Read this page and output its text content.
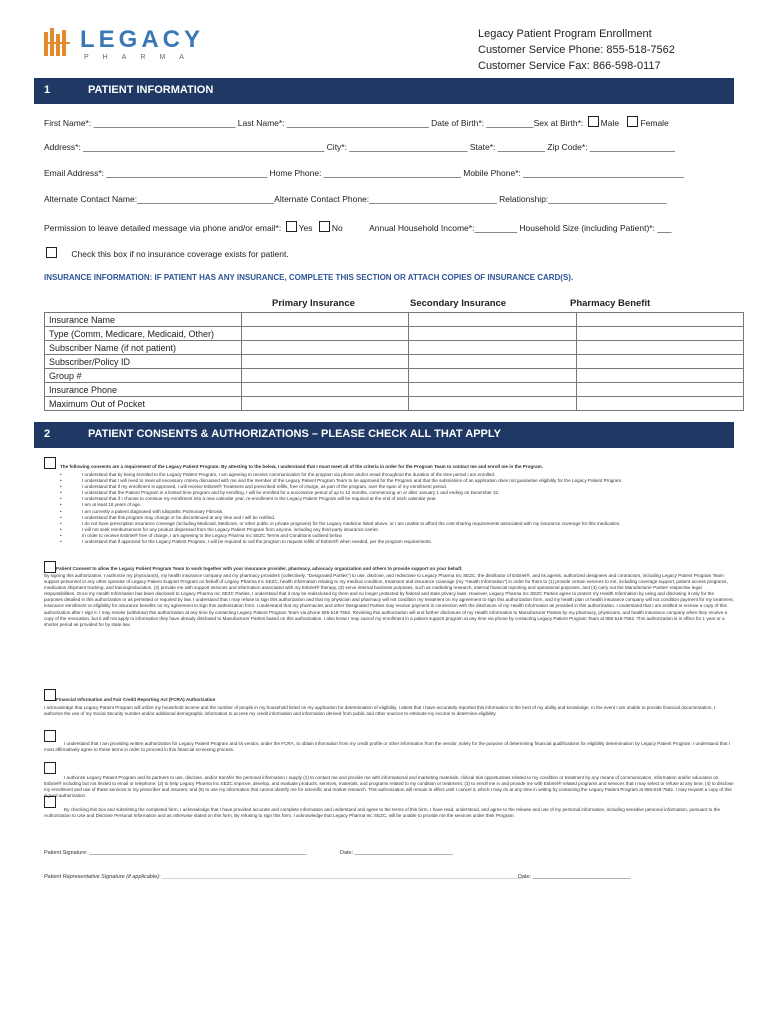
LEGACY
PHARMA
Legacy Patient Program Enrollment
Customer Service Phone: 855-518-7562
Customer Service Fax: 866-598-0117
1	PATIENT INFORMATION
First Name*: ______________________________ Last Name*: ______________________________ Date of Birth*: __________Sex at Birth*: Male	Female
Address*: ___________________________________________________ City*: _________________________ State*: __________ Zip Code*: __________________
Email Address*: __________________________________ Home Phone: _____________________________ Mobile Phone*: __________________________________
Alternate Contact Name:_____________________________Alternate Contact Phone:___________________________ Relationship:_________________________
Permission to leave detailed message via phone and/or email*: Yes No	Annual Household Income*:_________ Household Size (including Patient)*: ___
Check this box if no insurance coverage exists for patient.
INSURANCE INFORMATION: IF PATIENT HAS ANY INSURANCE, COMPLETE THIS SECTION OR ATTACH COPIES OF INSURANCE CARD(S).
Primary Insurance	Secondary Insurance	Pharmacy Benefit
Insurance Name			
Type (Comm, Medicare, Medicaid, Other)			
Subscriber Name (if not patient)			
Subscriber/Policy ID			
Group #			
Insurance Phone			
Maximum Out of Pocket			
2	PATIENT CONSENTS & AUTHORIZATIONS – PLEASE CHECK ALL THAT APPLY
The following consents are a requirement of the Legacy Patient Program. By attesting to the below, I understand that I must meet all of the criteria in order for the Program Team to contact me and enroll me in the Program.
• I understand that by being enrolled to the Legacy Patient Program, I am agreeing to receive communication for the program via phone and/or email throughout the duration of the time period I am enrolled.
• I understand that I will need to meet all necessary criteria discussed with me and the member of the Legacy Patient Program Team to be approved for the Program and that the submission of an application does not guarantee eligibility for the Legacy Patient Program.
• I understand that if my enrollment is approved, I will receive Esbriet® Treatment and prescribed refills, free of charge, as part of the program, over the span of my enrollment period.
• I understand that the Patient Program is a limited time program and by enrolling, I will be enrolled for a successive period of up to 12 months, commencing on or after January 1 and ending on December 31.
• I understand that if I choose to continue my enrollment into a new calendar year, re-enrollment in the Legacy Patient Program will be required at the end of each calendar year.
• I am at least 18 years of age.
• I am currently a patient diagnosed with Idiopathic Pulmonary Fibrosis.
• I understand that this program may change or be discontinued at any time and I will be notified.
• I do not have prescription insurance coverage (including Medicaid, Medicare, or other public or private programs) for the Legacy medicine listed above, or I am unable to afford the cost-sharing requirements associated with my insurance coverage for this medication.
• I will not seek reimbursement for any product dispensed from the Legacy Patient Program from anyone, including any third-party insurance carrier.
• In order to receive Esbriet® free of charge, I am agreeing to the Legacy Pharma Inc SEZC Terms and Conditions outlined below.
• I understand that if approved for the Legacy Patient Program, I will be required to call the program to request refills of Esbriet® when needed, per the program requirements.
Patient Consent to allow the Legacy Patient Program Team to work together with your insurance provider, pharmacy, advocacy organization and others to provide support on your behalf.
By signing this authorization, I authorize my physician(s), my health insurance company and my pharmacy providers (collectively, "Designated Parties") to use, disclose, and redisclose to Legacy Pharma Inc SEZC, the distributor of Esbriet®, and its agents, authorized designees and contractors, including Legacy Patient Program Team support personnel or any other operator of Legacy Patient Support Program on behalf of Legacy Pharma Inc SEZC, health information relating to my medical condition, treatment and insurance coverage (my "Health Information") in order for them to (1) provide certain services to me, including coverage support, patient access programs, medication shipment tracking, and training/education, (2) provide me with support services and information associated with my Esbriet® therapy, (3) serve internal business purposes, such as marketing research, internal financial reporting and operational purposes, and (4) carry out the Manufacturer Parties' respective legal responsibilities. Once my Health Information has been disclosed to Legacy Pharma Inc SEZC Parties, I understand that it may be redisclosed by them and no longer protected by federal and state privacy laws. However, Legacy Pharma Inc SEZC Parties agree to protect my Health Information by using and disclosing it only for the purposes detailed in this authorization or as permitted or required by law. I understand that I may refuse to sign this authorization and that my physician and pharmacy will not condition my treatment on my agreement to sign this authorization form, and my health plan or health insurance company will not condition payment for my treatment, insurance enrollment or eligibility for insurance benefits on my agreement to sign this authorization form. I understand that my pharmacies and other Designated Parties may receive payment in connection with the disclosure of my Health Information as provided in this authorization. I understand that I am entitled to receive a copy of this authorization after I sign it. I may revoke (withdraw) this authorization at any time by contacting Legacy Patient Program Team via phone 855-518-7562. Revoking this authorization will end further disclosure of my Health Information to Manufacturer Parties by my pharmacy, physicians, and health insurance company when they receive a copy of the revocation, but it will not apply to information they have already disclosed to Manufacturer Parties based on this authorization. I also know I may cancel my enrollment in a patient support program at any time via phone by contacting Legacy Patient Program Team at 855-518-7562. This authorization is in effect for 1 year or a shorter period as provided for by state law.
Financial Information and Fair Credit Reporting Act (FCRA) Authorization
I acknowledge that Legacy Patient Program will utilize my household income and the number of people in my household listed on my application for determination of eligibility. I attest that I have accurately reported this information to the best of my ability and knowledge. In the event I am unable to provide financial documentation, I authorize the use of my Social Security number and/or additional demographic information to access my credit information and information derived from public and other sources to estimate my income to determine eligibility.
I understand that I am providing written authorization for Legacy Patient Program and its vendor, under the FCRA, to obtain information from my credit profile or other information from the vendor, solely for the purpose of determining financial qualifications for eligibility determination by Legacy Patient Program. I understand that I must affirmatively agree to these terms in order to proceed in this financial screening process.
I authorize Legacy Patient Program and its partners to use, disclose, and/or transfer the personal information I supply (1) to contact me and provide me with informational and marketing materials, clinical trial opportunities related to my condition or treatment by any means of communication, information and/or education on Esbriet® including but not limited to email or telephone; (2) to help Legacy Pharma Inc SEZC improve, develop, and evaluate products, services, materials, and programs related to my condition or treatment; (3) to enroll me in and provide me with Esbriet® related programs and services that I may select or refuse at any time; (4) to disclose my enrollment and use of these services to my prescriber and insurers; and (5) to use my information that cannot identify me for scientific and market research. This authorization will remain in effect until I cancel it, which I may do at any time in writing by contacting the Legacy Patient Program at 855-518-7562. I may request a copy of this signed authorization.
By checking this box and submitting the completed form, I acknowledge that I have provided accurate and complete information and understand and agree to the terms of this form. I have read, understood, and agree to the release and use of my personal information, including sensitive personal information, pursuant to the Authorization to Use and Disclose Personal Information and as otherwise stated on this form. By refusing to sign this form, I acknowledge that Legacy Pharma Inc SEZC, will be unable to provide me the services under their Program.
Patient Signature: _______________________________________________________________________	Date: ________________________________
Patient Representative Signature (if applicable): ______________________________________________________________________________________________________________________
Date: ________________________________
